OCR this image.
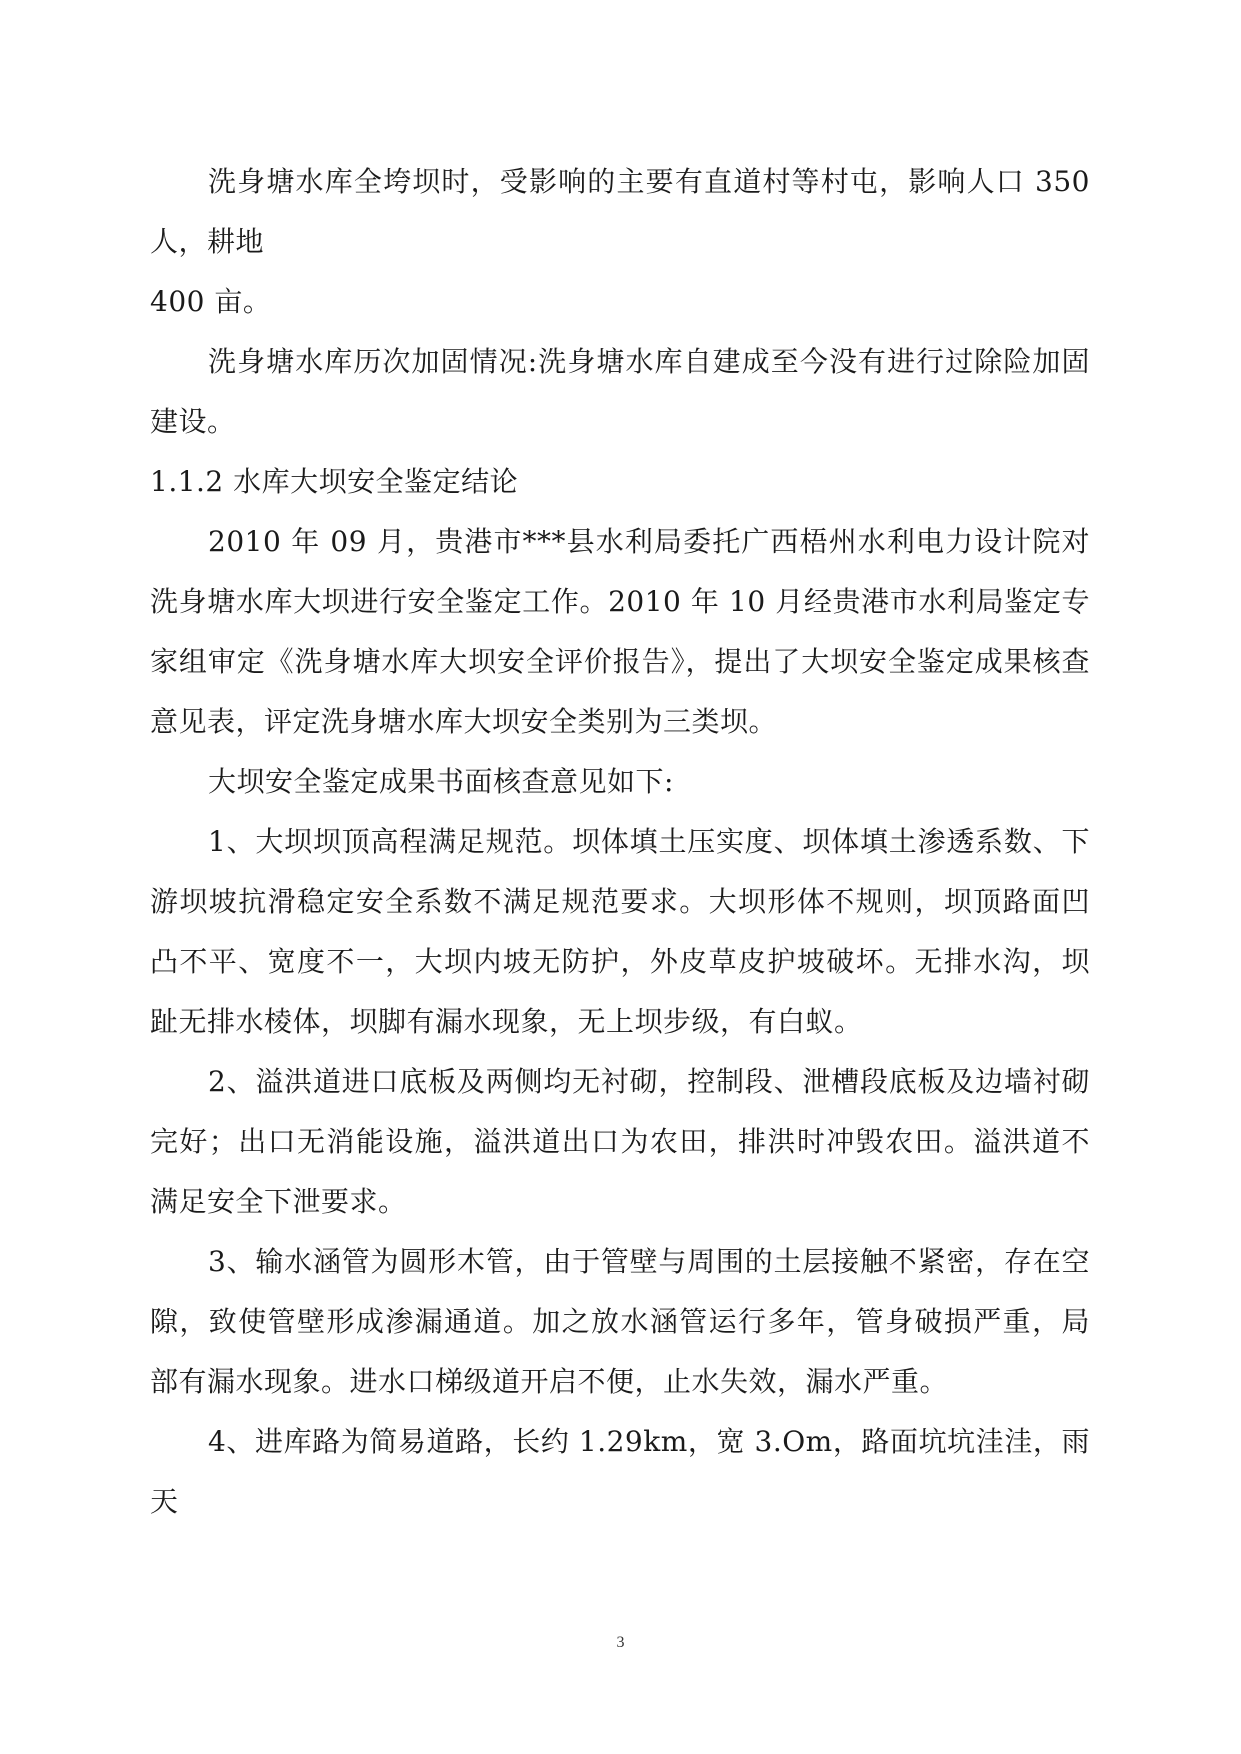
洗身塘水库全垮坝时，受影响的主要有直道村等村屯，影响人口 350 人，耕地

400 亩。

洗身塘水库历次加固情况:洗身塘水库自建成至今没有进行过除险加固建设。

1.1.2 水库大坝安全鉴定结论

2010 年 09 月，贵港市***县水利局委托广西梧州水利电力设计院对洗身塘水库大坝进行安全鉴定工作。2010 年 10 月经贵港市水利局鉴定专家组审定《洗身塘水库大坝安全评价报告》，提出了大坝安全鉴定成果核查意见表，评定洗身塘水库大坝安全类别为三类坝。

大坝安全鉴定成果书面核查意见如下:

1、大坝坝顶高程满足规范。坝体填土压实度、坝体填土渗透系数、下游坝坡抗滑稳定安全系数不满足规范要求。大坝形体不规则，坝顶路面凹凸不平、宽度不一，大坝内坡无防护，外皮草皮护坡破坏。无排水沟，坝趾无排水棱体，坝脚有漏水现象，无上坝步级，有白蚁。

2、溢洪道进口底板及两侧均无衬砌，控制段、泄槽段底板及边墙衬砌完好；出口无消能设施，溢洪道出口为农田，排洪时冲毁农田。溢洪道不满足安全下泄要求。

3、输水涵管为圆形木管，由于管壁与周围的土层接触不紧密，存在空隙，致使管壁形成渗漏通道。加之放水涵管运行多年，管身破损严重，局部有漏水现象。进水口梯级道开启不便，止水失效，漏水严重。

4、进库路为简易道路，长约 1.29km，宽 3.Om，路面坑坑洼洼，雨天

3
